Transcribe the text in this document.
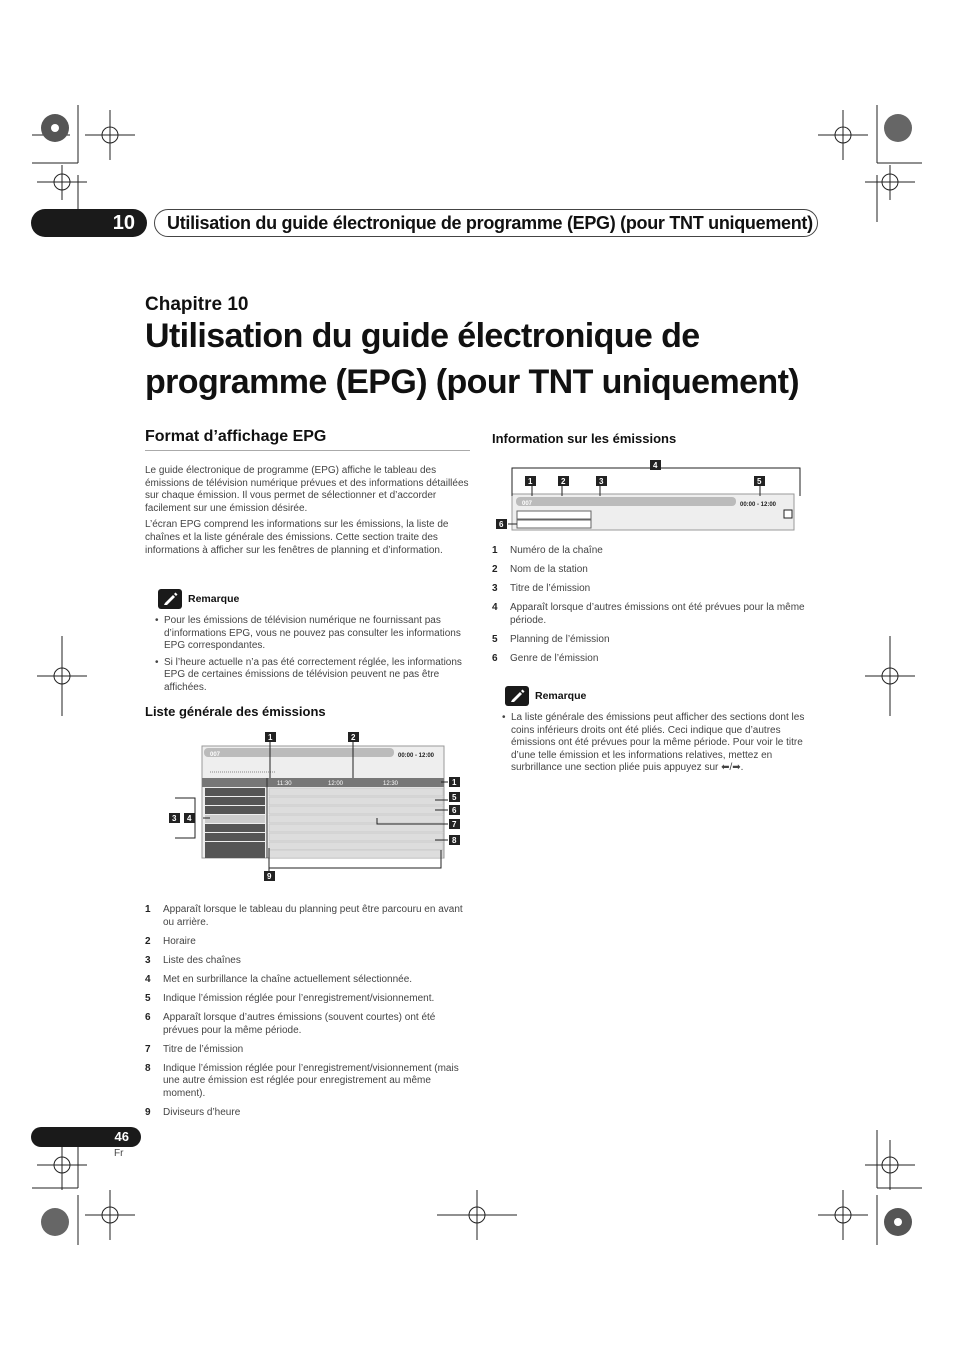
10	Utilisation du guide électronique de programme (EPG) (pour TNT uniquement)
Chapitre 10
Utilisation du guide électronique de
programme (EPG) (pour TNT uniquement)
Format d’affichage EPG

Le guide électronique de programme (EPG) affiche le tableau des émissions de télévision numérique prévues et des informations détaillées sur chaque émission. Il vous permet de sélectionner et d’accorder facilement sur une émission désirée.

L’écran EPG comprend les informations sur les émissions, la liste de chaînes et la liste générale des émissions. Cette section traite des informations à afficher sur les fenêtres de planning et d’information.

Remarque
• Pour les émissions de télévision numérique ne fournissant pas d’informations EPG, vous ne pouvez pas consulter les informations EPG correspondantes.
• Si l’heure actuelle n’a pas été correctement réglée, les informations EPG de certaines émissions de télévision peuvent ne pas être affichées.
Liste générale des émissions
007	00:00 - 12:00
11:30	12:00	12:30
1	2
1
5
6
7
8
3 4
9
1	Apparaît lorsque le tableau du planning peut être parcouru en avant ou arrière.
2	Horaire
3	Liste des chaînes
4	Met en surbrillance la chaîne actuellement sélectionnée.
5	Indique l’émission réglée pour l’enregistrement/visionnement.
6	Apparaît lorsque d’autres émissions (souvent courtes) ont été prévues pour la même période.
7	Titre de l’émission
8	Indique l’émission réglée pour l’enregistrement/visionnement (mais une autre émission est réglée pour enregistrement au même moment).
9	Diviseurs d’heure
Information sur les émissions
007	00:00 - 12:00
4
1	2	3	5
6
1	Numéro de la chaîne
2	Nom de la station
3	Titre de l’émission
4	Apparaît lorsque d’autres émissions ont été prévues pour la même période.
5	Planning de l’émission
6	Genre de l’émission
Remarque
• La liste générale des émissions peut afficher des sections dont les coins inférieurs droits ont été pliés. Ceci indique que d’autres émissions ont été prévues pour la même période. Pour voir le titre d’une telle émission et les informations relatives, mettez en surbrillance une section pliée puis appuyez sur ⬅/➡.
46
Fr
